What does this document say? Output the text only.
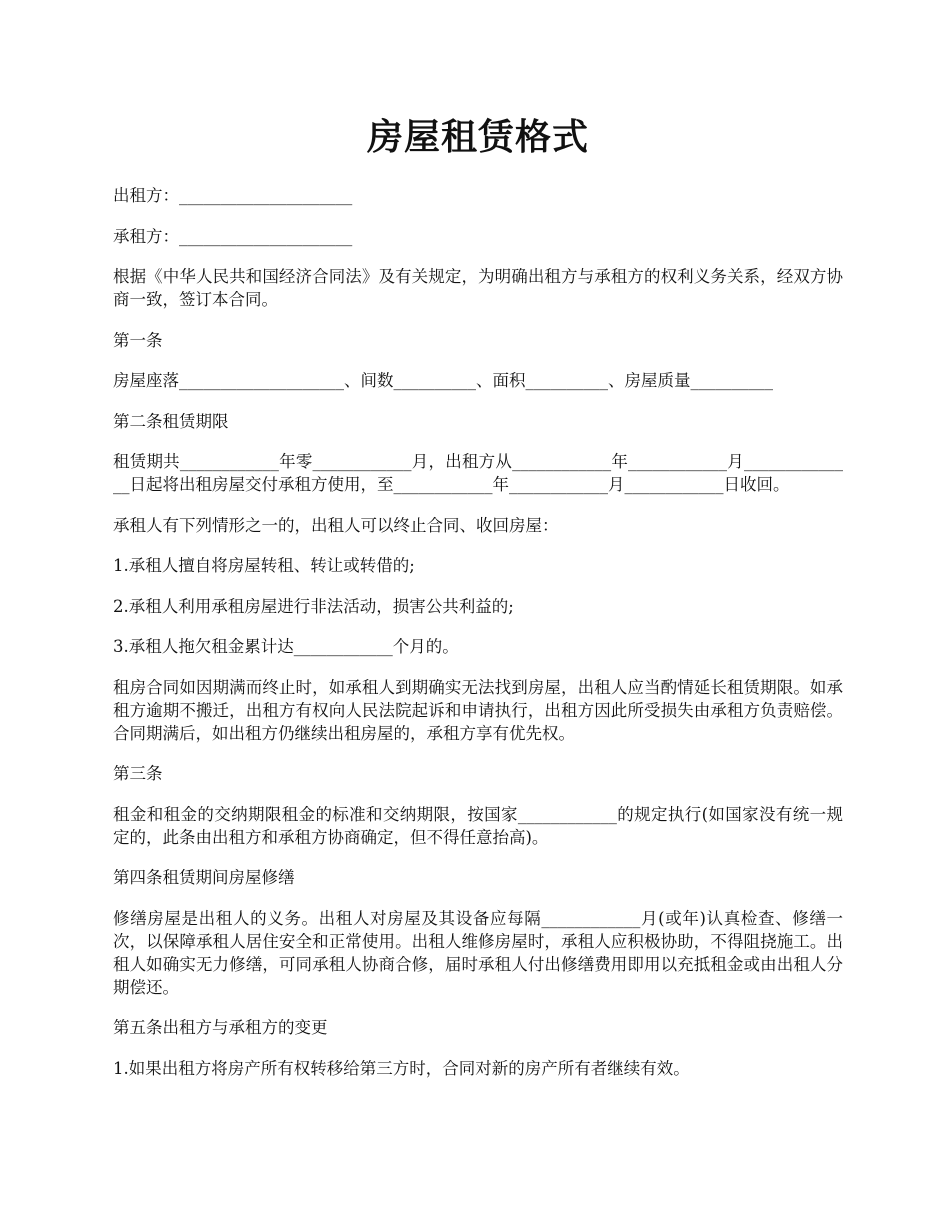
房屋租赁格式

出租方：_____________________

承租方：_____________________

根据《中华人民共和国经济合同法》及有关规定，为明确出租方与承租方的权利义务关系，经双方协商一致，签订本合同。

第一条

房屋座落____________________、间数__________、面积__________、房屋质量__________

第二条租赁期限

租赁期共____________年零____________月，出租方从____________年____________月______________日起将出租房屋交付承租方使用，至____________年____________月____________日收回。

承租人有下列情形之一的，出租人可以终止合同、收回房屋：

1.承租人擅自将房屋转租、转让或转借的;

2.承租人利用承租房屋进行非法活动，损害公共利益的;

3.承租人拖欠租金累计达____________个月的。

租房合同如因期满而终止时，如承租人到期确实无法找到房屋，出租人应当酌情延长租赁期限。如承租方逾期不搬迁，出租方有权向人民法院起诉和申请执行，出租方因此所受损失由承租方负责赔偿。合同期满后，如出租方仍继续出租房屋的，承租方享有优先权。

第三条

租金和租金的交纳期限租金的标准和交纳期限，按国家____________的规定执行(如国家没有统一规定的，此条由出租方和承租方协商确定，但不得任意抬高)。

第四条租赁期间房屋修缮

修缮房屋是出租人的义务。出租人对房屋及其设备应每隔____________月(或年)认真检查、修缮一次，以保障承租人居住安全和正常使用。出租人维修房屋时，承租人应积极协助，不得阻挠施工。出租人如确实无力修缮，可同承租人协商合修，届时承租人付出修缮费用即用以充抵租金或由出租人分期偿还。

第五条出租方与承租方的变更

1.如果出租方将房产所有权转移给第三方时，合同对新的房产所有者继续有效。
